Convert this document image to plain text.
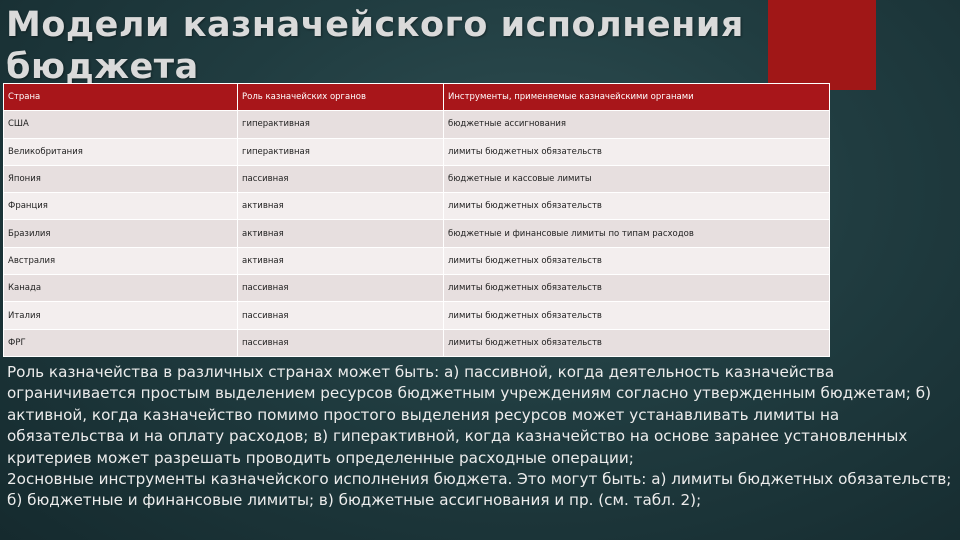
Модели казначейского исполнения бюджета
Страна	Роль казначейских органов	Инструменты, применяемые казначейскими органами
США	гиперактивная	бюджетные ассигнования
Великобритания	гиперактивная	лимиты бюджетных обязательств
Япония	пассивная	бюджетные и кассовые лимиты
Франция	активная	лимиты бюджетных обязательств
Бразилия	активная	бюджетные и финансовые лимиты по типам расходов
Австралия	активная	лимиты бюджетных обязательств
Канада	пассивная	лимиты бюджетных обязательств
Италия	пассивная	лимиты бюджетных обязательств
ФРГ	пассивная	лимиты бюджетных обязательств

Роль казначейства в различных странах может быть: а) пассивной, когда деятельность казначейства ограничивается простым выделением ресурсов бюджетным учреждениям согласно утвержденным бюджетам; б) активной, когда казначейство помимо простого выделения ресурсов может устанавливать лимиты на обязательства и на оплату расходов; в) гиперактивной, когда казначейство на основе заранее установленных критериев может разрешать проводить определенные расходные операции;

2основные инструменты казначейского исполнения бюджета. Это могут быть: а) лимиты бюджетных обязательств; б) бюджетные и финансовые лимиты; в) бюджетные ассигнования и пр. (см. табл. 2);
